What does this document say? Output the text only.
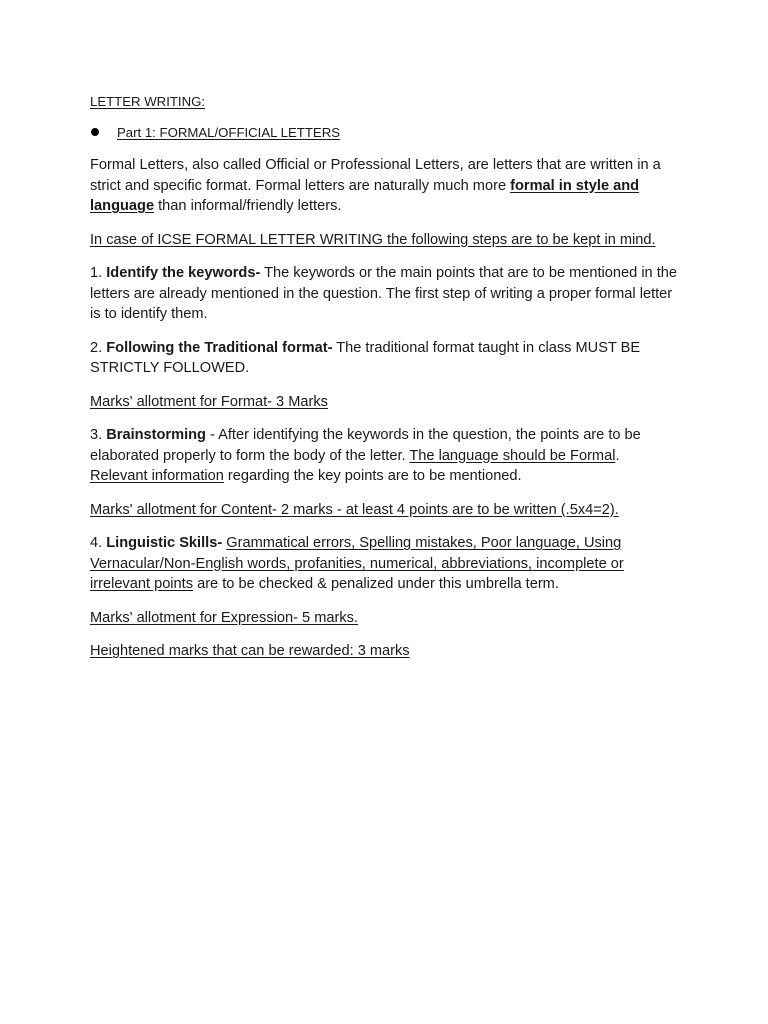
LETTER WRITING:

Part 1: FORMAL/OFFICIAL LETTERS

Formal Letters, also called Official or Professional Letters, are letters that are written in a strict and specific format. Formal letters are naturally much more formal in style and language than informal/friendly letters.

In case of ICSE FORMAL LETTER WRITING the following steps are to be kept in mind.

1. Identify the keywords- The keywords or the main points that are to be mentioned in the letters are already mentioned in the question. The first step of writing a proper formal letter is to identify them.

2. Following the Traditional format- The traditional format taught in class MUST BE STRICTLY FOLLOWED.

Marks' allotment for Format- 3 Marks

3. Brainstorming - After identifying the keywords in the question, the points are to be elaborated properly to form the body of the letter. The language should be Formal. Relevant information regarding the key points are to be mentioned.

Marks' allotment for Content- 2 marks - at least 4 points are to be written (.5x4=2).

4. Linguistic Skills- Grammatical errors, Spelling mistakes, Poor language, Using Vernacular/Non-English words, profanities, numerical, abbreviations, incomplete or irrelevant points are to be checked & penalized under this umbrella term.

Marks' allotment for Expression- 5 marks.

Heightened marks that can be rewarded: 3 marks
